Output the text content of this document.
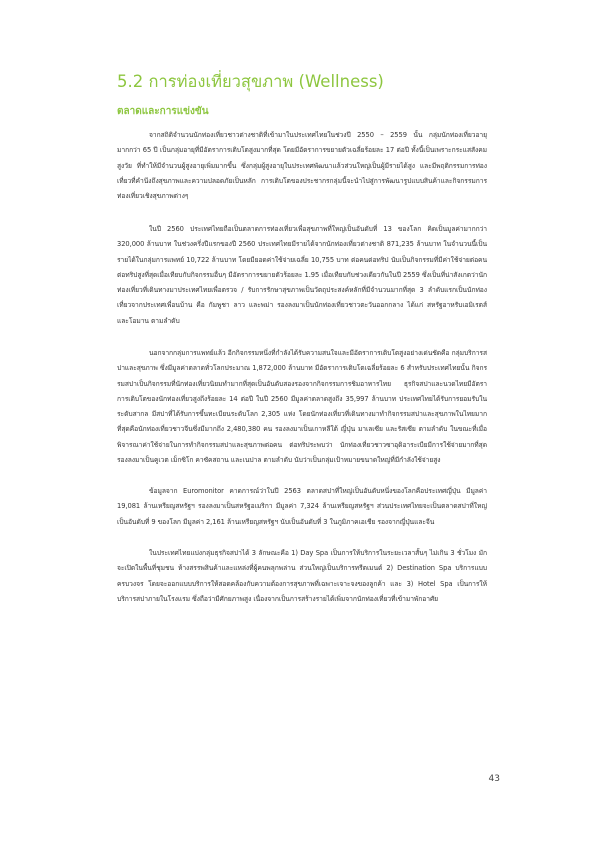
5.2 การท่องเที่ยวสุขภาพ (Wellness)
ตลาดและการแข่งขัน

จากสถิติจำนวนนักท่องเที่ยวชาวต่างชาติที่เข้ามาในประเทศไทยในช่วงปี 2550 – 2559 นั้น กลุ่มนักท่องเที่ยวอายุมากกว่า 65 ปี เป็นกลุ่มอายุที่มีอัตราการเติบโตสูงมากที่สุด โดยมีอัตราการขยายตัวเฉลี่ยร้อยละ 17 ต่อปี ทั้งนี้เป็นเพราะกระแสสังคมสูงวัย ที่ทำให้มีจำนวนผู้สูงอายุเพิ่มมากขึ้น ซึ่งกลุ่มผู้สูงอายุในประเทศพัฒนาแล้วส่วนใหญ่เป็นผู้มีรายได้สูง และมีพฤติกรรมการท่องเที่ยวที่คำนึงถึงสุขภาพและความปลอดภัยเป็นหลัก การเติบโตของประชากรกลุ่มนี้จะนำไปสู่การพัฒนารูปแบบสินค้าและกิจกรรมการท่องเที่ยวเชิงสุขภาพต่างๆ

ในปี 2560 ประเทศไทยถือเป็นตลาดการท่องเที่ยวเพื่อสุขภาพที่ใหญ่เป็นอันดับที่ 13 ของโลก คิดเป็นมูลค่ามากกว่า 320,000 ล้านบาท ในช่วงครึ่งปีแรกของปี 2560 ประเทศไทยมีรายได้จากนักท่องเที่ยวต่างชาติ 871,235 ล้านบาท ในจำนวนนี้เป็นรายได้ในกลุ่มการแพทย์ 10,722 ล้านบาท โดยมียอดค่าใช้จ่ายเฉลี่ย 10,755 บาท ต่อคนต่อทริป นับเป็นกิจกรรมที่มีค่าใช้จ่ายต่อคนต่อทริปสูงที่สุดเมื่อเทียบกับกิจกรรมอื่นๆ มีอัตราการขยายตัวร้อยละ 1.95 เมื่อเทียบกับช่วงเดียวกันในปี 2559 ซึ่งเป็นที่น่าสังเกตว่านักท่องเที่ยวที่เดินทางมาประเทศไทยเพื่อตรวจ / รับการรักษาสุขภาพเป็นวัตถุประสงค์หลักที่มีจำนวนมากที่สุด 3 ลำดับแรกเป็นนักท่องเที่ยวจากประเทศเพื่อนบ้าน คือ กัมพูชา ลาว และพม่า รองลงมาเป็นนักท่องเที่ยวชาวตะวันออกกลาง ได้แก่ สหรัฐอาหรับเอมิเรตส์ และโอมาน ตามลำดับ

นอกจากกลุ่มการแพทย์แล้ว อีกกิจกรรมหนึ่งที่กำลังได้รับความสนใจและมีอัตราการเติบโตสูงอย่างเด่นชัดคือ กลุ่มบริการสปาและสุขภาพ ซึ่งมีมูลค่าตลาดทั่วโลกประมาณ 1,872,000 ล้านบาท มีอัตราการเติบโตเฉลี่ยร้อยละ 6 สำหรับประเทศไทยนั้น กิจกรรมสปาเป็นกิจกรรมที่นักท่องเที่ยวนิยมทำมากที่สุดเป็นอันดับสองรองจากกิจกรรมการชิมอาหารไทย ธุรกิจสปาและนวดไทยมีอัตราการเติบโตของนักท่องเที่ยวสูงถึงร้อยละ 14 ต่อปี ในปี 2560 มีมูลค่าตลาดสูงถึง 35,997 ล้านบาท ประเทศไทยได้รับการยอมรับในระดับสากล มีสปาที่ได้รับการขึ้นทะเบียนระดับโลก 2,305 แห่ง โดยนักท่องเที่ยวที่เดินทางมาทำกิจกรรมสปาและสุขภาพในไทยมากที่สุดคือนักท่องเที่ยวชาวจีนซึ่งมีมากถึง 2,480,380 คน รองลงมาเป็นเกาหลีใต้ ญี่ปุ่น มาเลเซีย และรัสเซีย ตามลำดับ ในขณะที่เมื่อพิจารณาค่าใช้จ่ายในการทำกิจกรรมสปาและสุขภาพต่อคน ต่อทริประพบว่า นักท่องเที่ยวชาวซาอุดิอาระเบียมีการใช้จ่ายมากที่สุด รองลงมาเป็นคูเวต เม็กซิโก คาซัคสถาน และเนปาล ตามลำดับ นับว่าเป็นกลุ่มเป้าหมายขนาดใหญ่ที่มีกำลังใช้จ่ายสูง

ข้อมูลจาก Euromonitor คาดการณ์ว่าในปี 2563 ตลาดสปาที่ใหญ่เป็นอันดับหนึ่งของโลกคือประเทศญี่ปุ่น มีมูลค่า 19,081 ล้านเหรียญสหรัฐฯ รองลงมาเป็นสหรัฐอเมริกา มีมูลค่า 7,324 ล้านเหรียญสหรัฐฯ ส่วนประเทศไทยจะเป็นตลาดสปาที่ใหญ่เป็นอันดับที่ 9 ของโลก มีมูลค่า 2,161 ล้านเหรียญสหรัฐฯ นับเป็นอันดับที่ 3 ในภูมิภาคเอเชีย รองจากญี่ปุ่นและจีน

ในประเทศไทยแบ่งกลุ่มธุรกิจสปาได้ 3 ลักษณะคือ 1) Day Spa เป็นการให้บริการในระยะเวลาสั้นๆ ไม่เกิน 3 ชั่วโมง มักจะเปิดในพื้นที่ชุมชน ห้างสรรพสินค้าและแหล่งที่ผู้คนพลุกพล่าน ส่วนใหญ่เป็นบริการทรีตเมนต์ 2) Destination Spa บริการแบบครบวงจร โดยจะออกแบบบริการให้สอดคล้องกับความต้องการสุขภาพที่เฉพาะเจาะจงของลูกค้า และ 3) Hotel Spa เป็นการให้บริการสปาภายในโรงแรม ซึ่งถือว่ามีศักยภาพสูง เนื่องจากเป็นการสร้างรายได้เพิ่มจากนักท่องเที่ยวที่เข้ามาพักอาศัย

43
